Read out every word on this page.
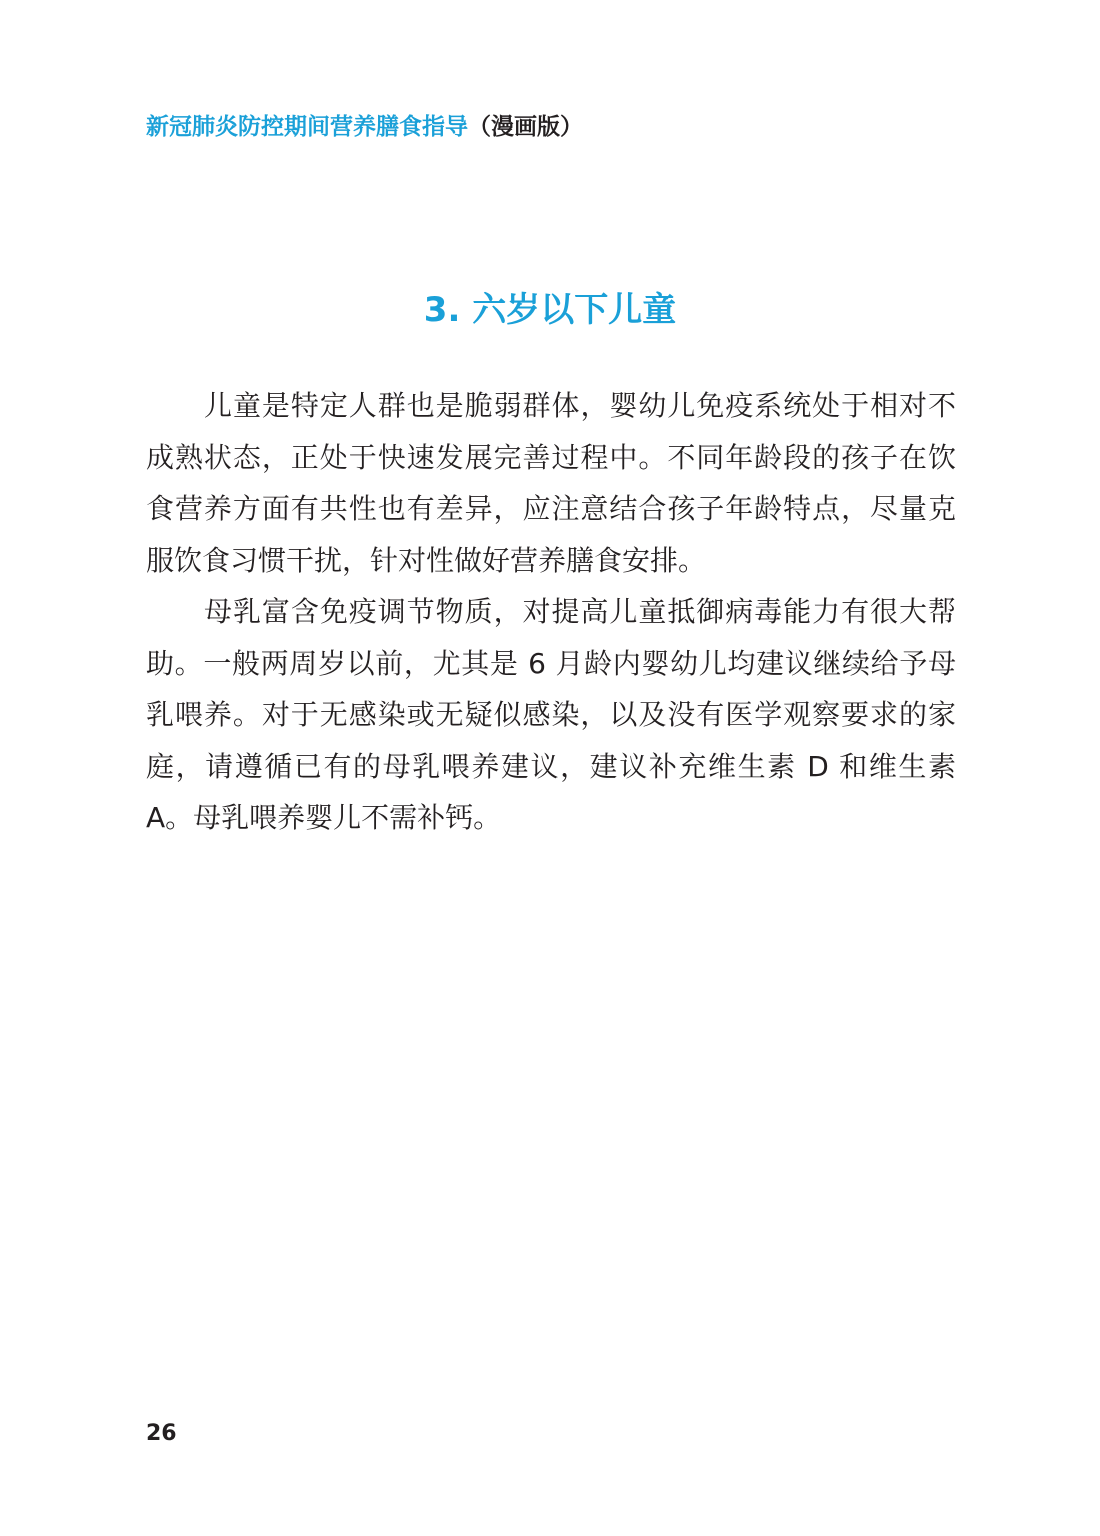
新冠肺炎防控期间营养膳食指导（漫画版）
3. 六岁以下儿童

儿童是特定人群也是脆弱群体，婴幼儿免疫系统处于相对不成熟状态，正处于快速发展完善过程中。不同年龄段的孩子在饮食营养方面有共性也有差异，应注意结合孩子年龄特点，尽量克服饮食习惯干扰，针对性做好营养膳食安排。

母乳富含免疫调节物质，对提高儿童抵御病毒能力有很大帮助。一般两周岁以前，尤其是 6 月龄内婴幼儿均建议继续给予母乳喂养。对于无感染或无疑似感染，以及没有医学观察要求的家庭，请遵循已有的母乳喂养建议，建议补充维生素 D 和维生素 A。母乳喂养婴儿不需补钙。

26
